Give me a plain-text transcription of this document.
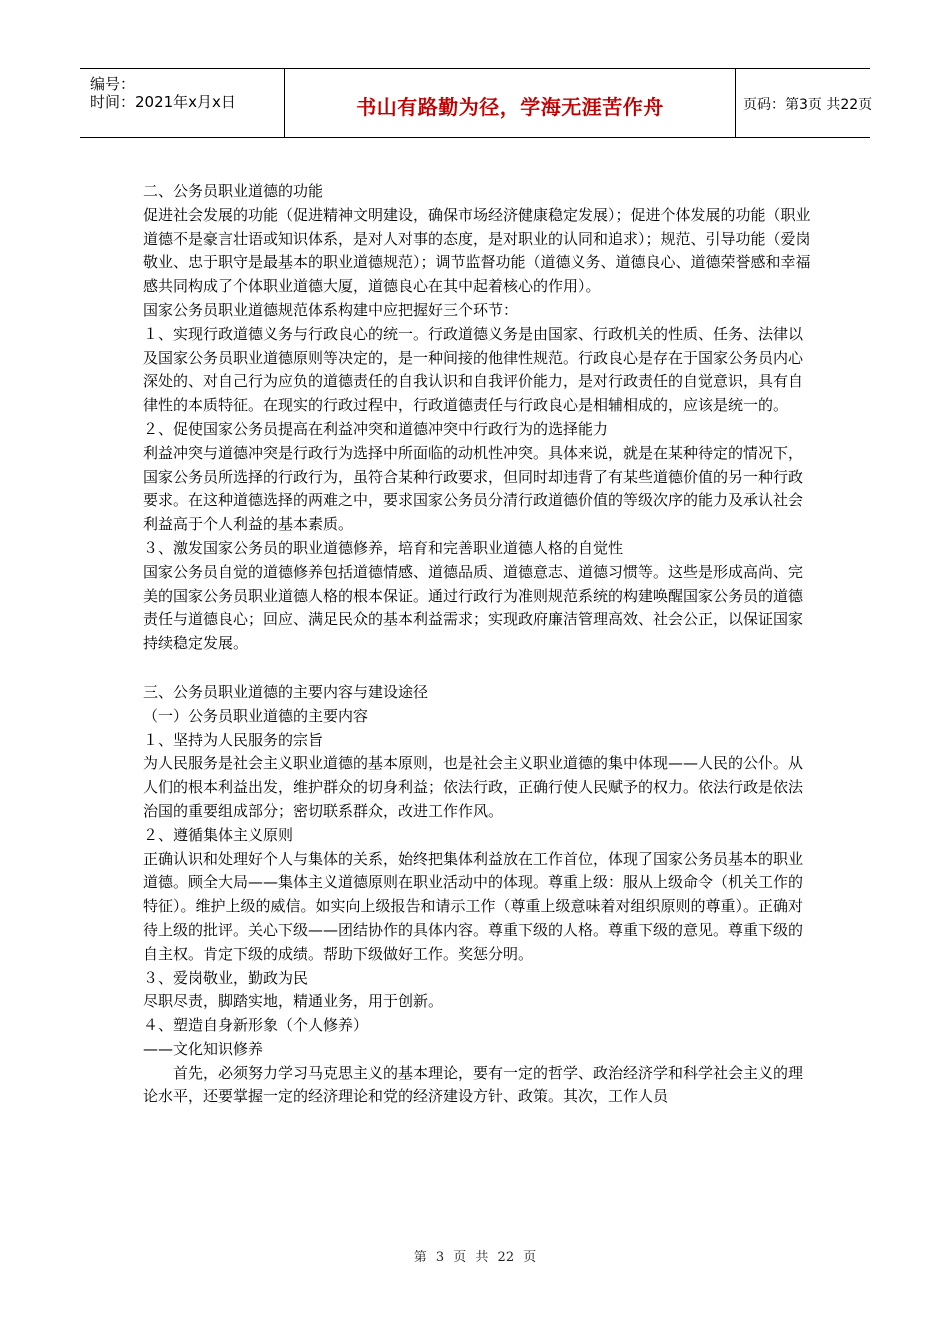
编号：
时间：2021年x月x日	书山有路勤为径，学海无涯苦作舟	页码：第3页 共22页

二、公务员职业道德的功能

促进社会发展的功能（促进精神文明建设，确保市场经济健康稳定发展）；促进个体发展的功能（职业道德不是豪言壮语或知识体系，是对人对事的态度，是对职业的认同和追求）；规范、引导功能（爱岗敬业、忠于职守是最基本的职业道德规范）；调节监督功能（道德义务、道德良心、道德荣誉感和幸福感共同构成了个体职业道德大厦，道德良心在其中起着核心的作用）。

国家公务员职业道德规范体系构建中应把握好三个环节：

１、实现行政道德义务与行政良心的统一。行政道德义务是由国家、行政机关的性质、任务、法律以及国家公务员职业道德原则等决定的，是一种间接的他律性规范。行政良心是存在于国家公务员内心深处的、对自己行为应负的道德责任的自我认识和自我评价能力，是对行政责任的自觉意识，具有自律性的本质特征。在现实的行政过程中，行政道德责任与行政良心是相辅相成的，应该是统一的。

２、促使国家公务员提高在利益冲突和道德冲突中行政行为的选择能力

利益冲突与道德冲突是行政行为选择中所面临的动机性冲突。具体来说，就是在某种待定的情况下，国家公务员所选择的行政行为，虽符合某种行政要求，但同时却违背了有某些道德价值的另一种行政要求。在这种道德选择的两难之中，要求国家公务员分清行政道德价值的等级次序的能力及承认社会利益高于个人利益的基本素质。

３、激发国家公务员的职业道德修养，培育和完善职业道德人格的自觉性

国家公务员自觉的道德修养包括道德情感、道德品质、道德意志、道德习惯等。这些是形成高尚、完美的国家公务员职业道德人格的根本保证。通过行政行为准则规范系统的构建唤醒国家公务员的道德责任与道德良心；回应、满足民众的基本利益需求；实现政府廉洁管理高效、社会公正，以保证国家持续稳定发展。

三、公务员职业道德的主要内容与建设途径

（一）公务员职业道德的主要内容

１、坚持为人民服务的宗旨

为人民服务是社会主义职业道德的基本原则，也是社会主义职业道德的集中体现——人民的公仆。从人们的根本利益出发，维护群众的切身利益；依法行政，正确行使人民赋予的权力。依法行政是依法治国的重要组成部分；密切联系群众，改进工作作风。

２、遵循集体主义原则

正确认识和处理好个人与集体的关系，始终把集体利益放在工作首位，体现了国家公务员基本的职业道德。顾全大局——集体主义道德原则在职业活动中的体现。尊重上级：服从上级命令（机关工作的特征）。维护上级的威信。如实向上级报告和请示工作（尊重上级意味着对组织原则的尊重）。正确对待上级的批评。关心下级——团结协作的具体内容。尊重下级的人格。尊重下级的意见。尊重下级的自主权。肯定下级的成绩。帮助下级做好工作。奖惩分明。

３、爱岗敬业，勤政为民

尽职尽责，脚踏实地，精通业务，用于创新。

４、塑造自身新形象（个人修养）

——文化知识修养

首先，必须努力学习马克思主义的基本理论，要有一定的哲学、政治经济学和科学社会主义的理论水平，还要掌握一定的经济理论和党的经济建设方针、政策。其次，工作人员

第 3 页 共 22 页
